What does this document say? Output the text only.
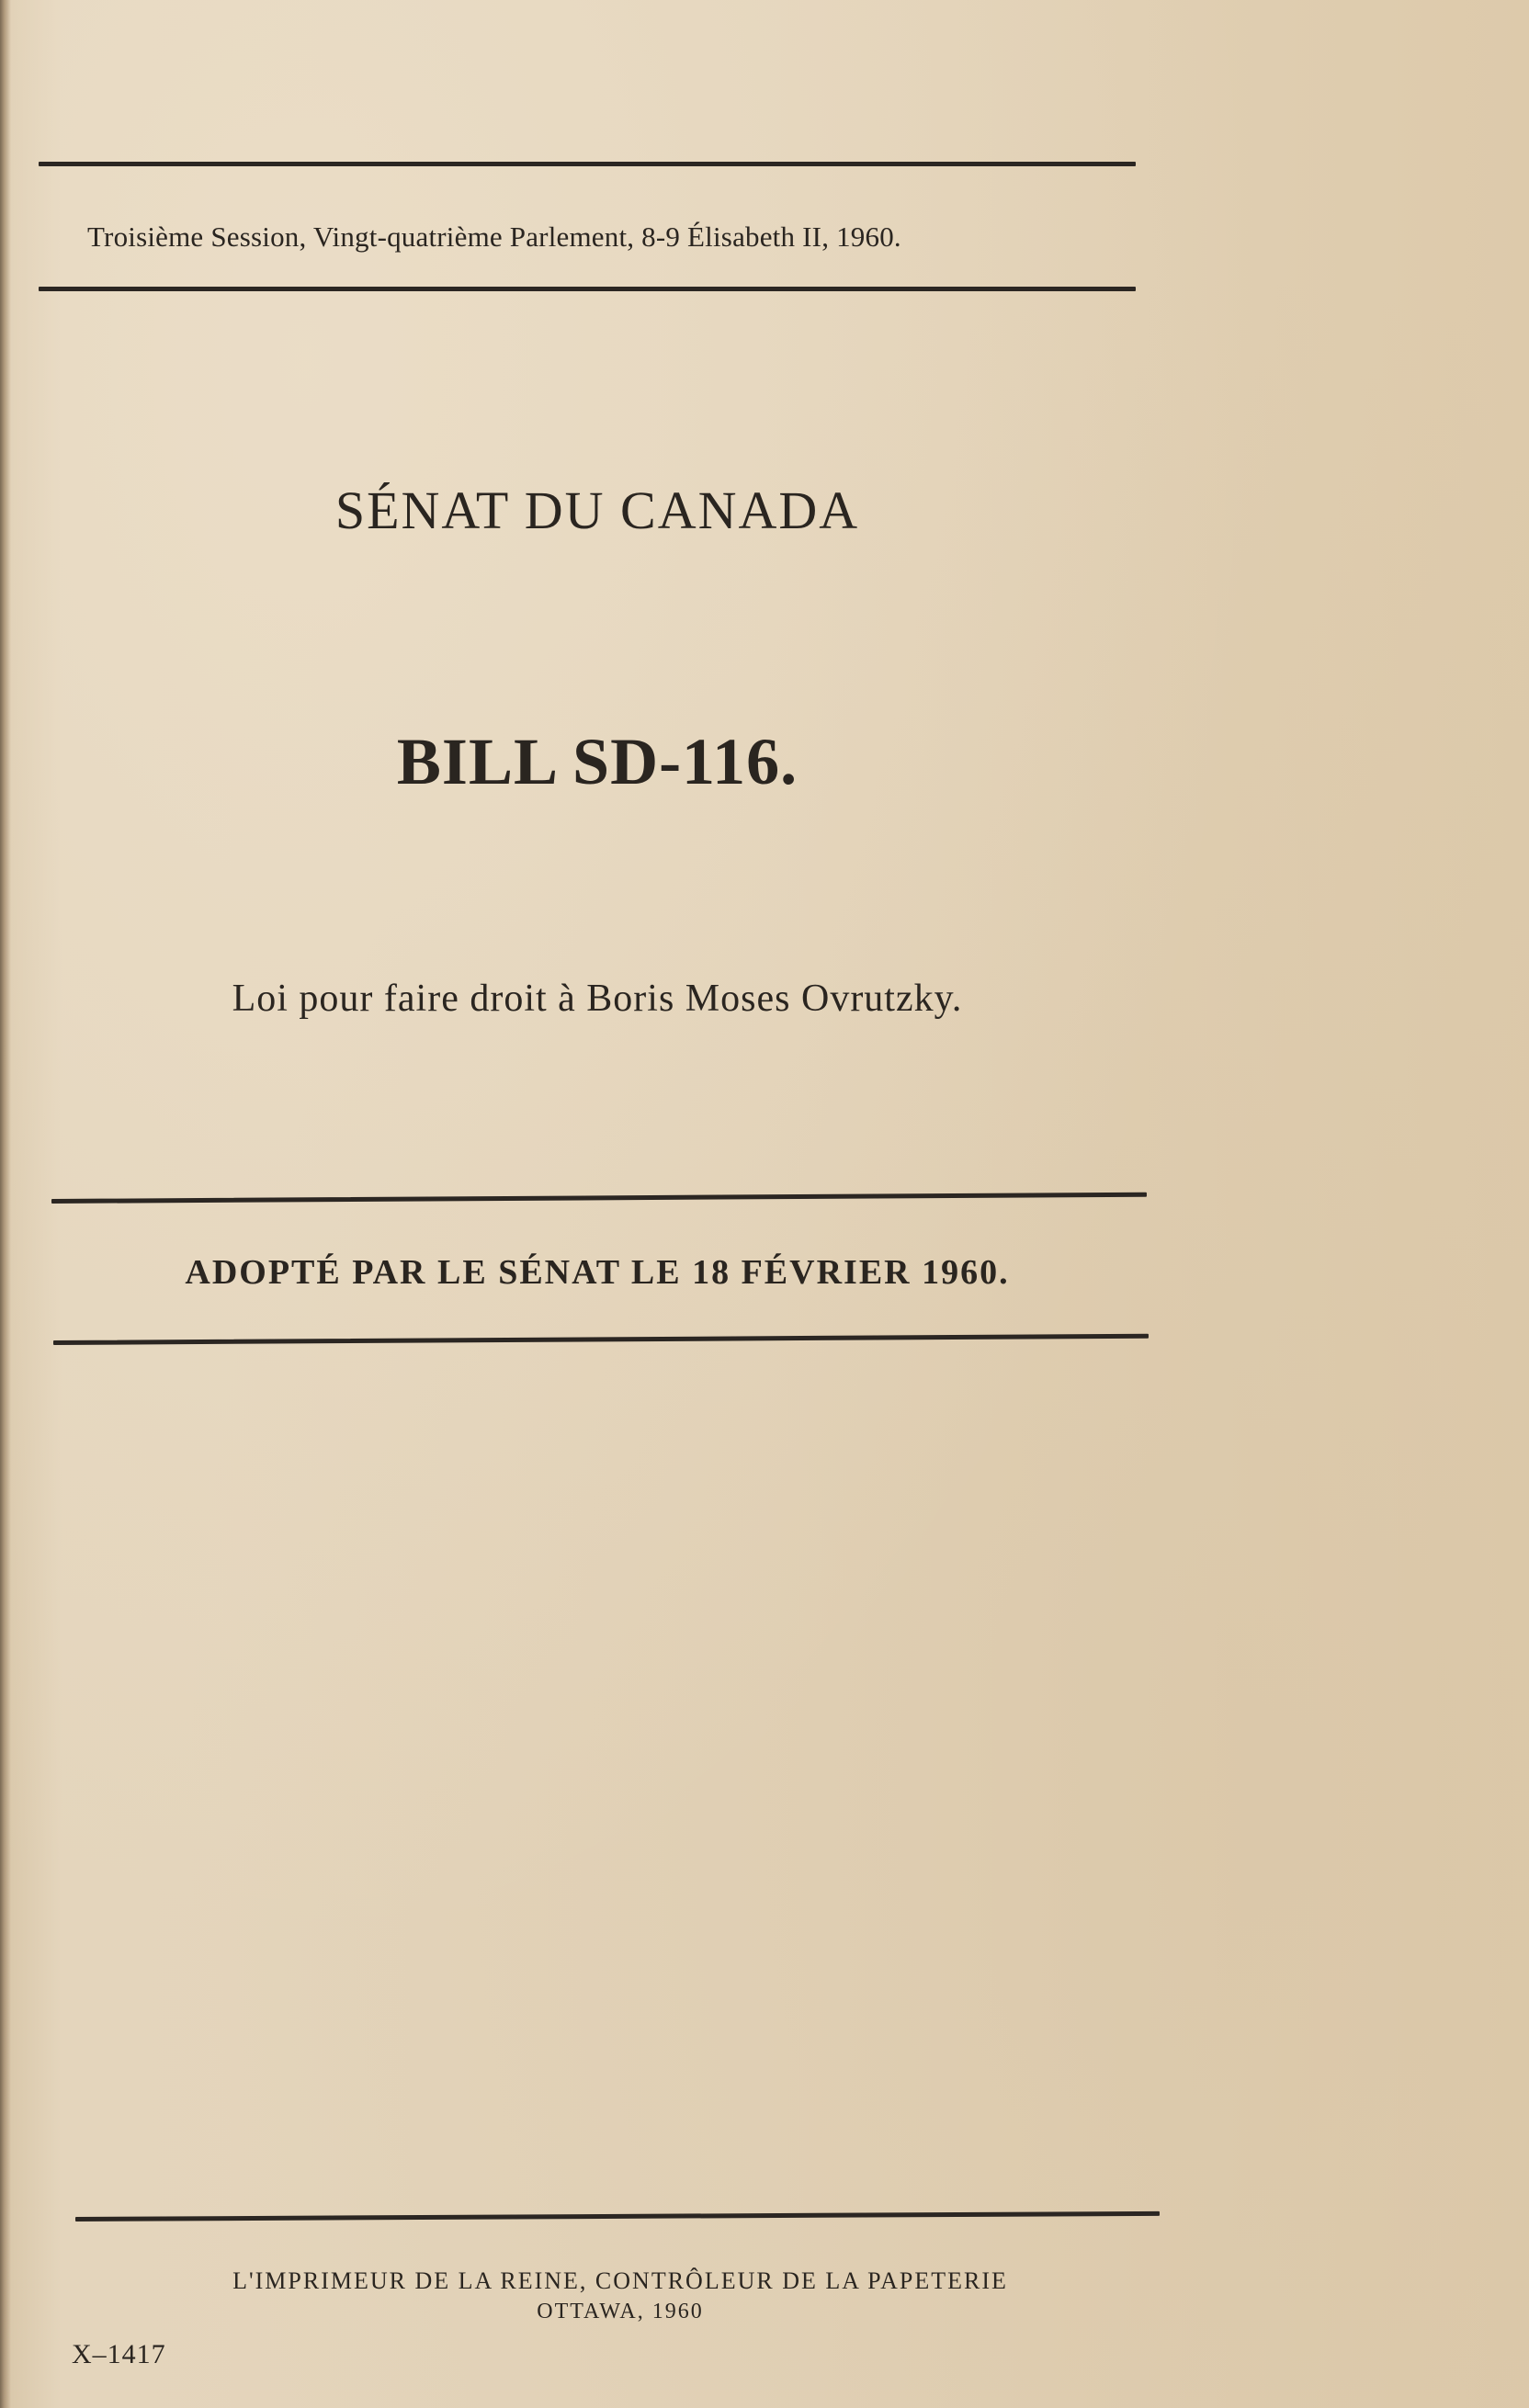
Troisième Session, Vingt-quatrième Parlement, 8-9 Élisabeth II, 1960.
SÉNAT DU CANADA
BILL SD-116.
Loi pour faire droit à Boris Moses Ovrutzky.
ADOPTÉ PAR LE SÉNAT LE 18 FÉVRIER 1960.
L'IMPRIMEUR DE LA REINE, CONTRÔLEUR DE LA PAPETERIE
OTTAWA, 1960
X–1417
